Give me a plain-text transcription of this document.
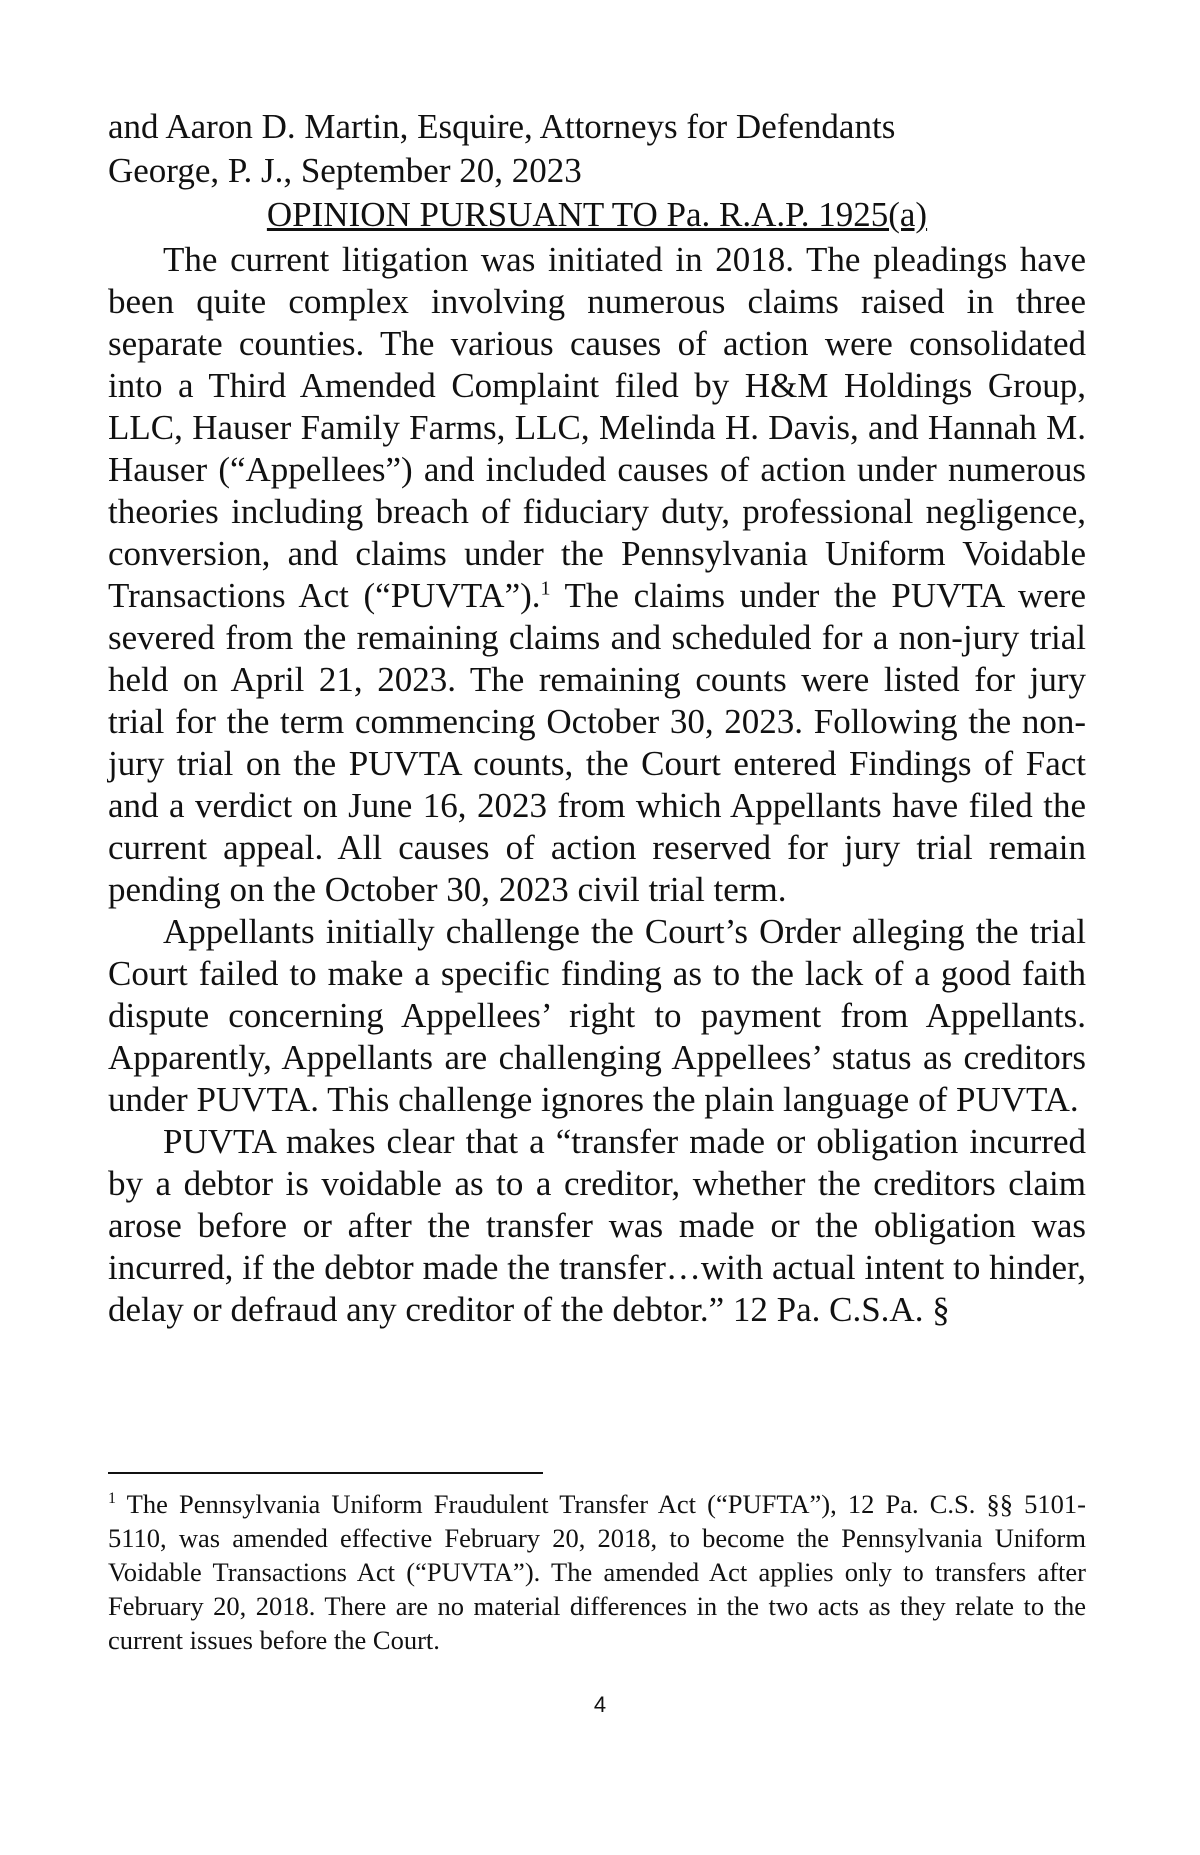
and Aaron D. Martin, Esquire, Attorneys for Defendants

George, P. J., September 20, 2023

OPINION PURSUANT TO Pa. R.A.P. 1925(a)

The current litigation was initiated in 2018. The pleadings have been quite complex involving numerous claims raised in three separate counties. The various causes of action were consolidated into a Third Amended Complaint filed by H&M Holdings Group, LLC, Hauser Family Farms, LLC, Melinda H. Davis, and Hannah M. Hauser (“Appellees”) and included causes of action under numerous theories including breach of fiduciary duty, professional negligence, conversion, and claims under the Pennsylvania Uniform Voidable Transactions Act (“PUVTA”).$^1$ The claims under the PUVTA were severed from the remaining claims and scheduled for a non-jury trial held on April 21, 2023. The remaining counts were listed for jury trial for the term commencing October 30, 2023. Following the non-jury trial on the PUVTA counts, the Court entered Findings of Fact and a verdict on June 16, 2023 from which Appellants have filed the current appeal. All causes of action reserved for jury trial remain pending on the October 30, 2023 civil trial term.

Appellants initially challenge the Court’s Order alleging the trial Court failed to make a specific finding as to the lack of a good faith dispute concerning Appellees’ right to payment from Appellants. Apparently, Appellants are challenging Appellees’ status as creditors under PUVTA. This challenge ignores the plain language of PUVTA.

PUVTA makes clear that a “transfer made or obligation incurred by a debtor is voidable as to a creditor, whether the creditors claim arose before or after the transfer was made or the obligation was incurred, if the debtor made the transfer…with actual intent to hinder, delay or defraud any creditor of the debtor.” 12 Pa. C.S.A. §

$^1$ The Pennsylvania Uniform Fraudulent Transfer Act (“PUFTA”), 12 Pa. C.S. §§ 5101-5110, was amended effective February 20, 2018, to become the Pennsylvania Uniform Voidable Transactions Act (“PUVTA”). The amended Act applies only to transfers after February 20, 2018. There are no material differences in the two acts as they relate to the current issues before the Court.

4
